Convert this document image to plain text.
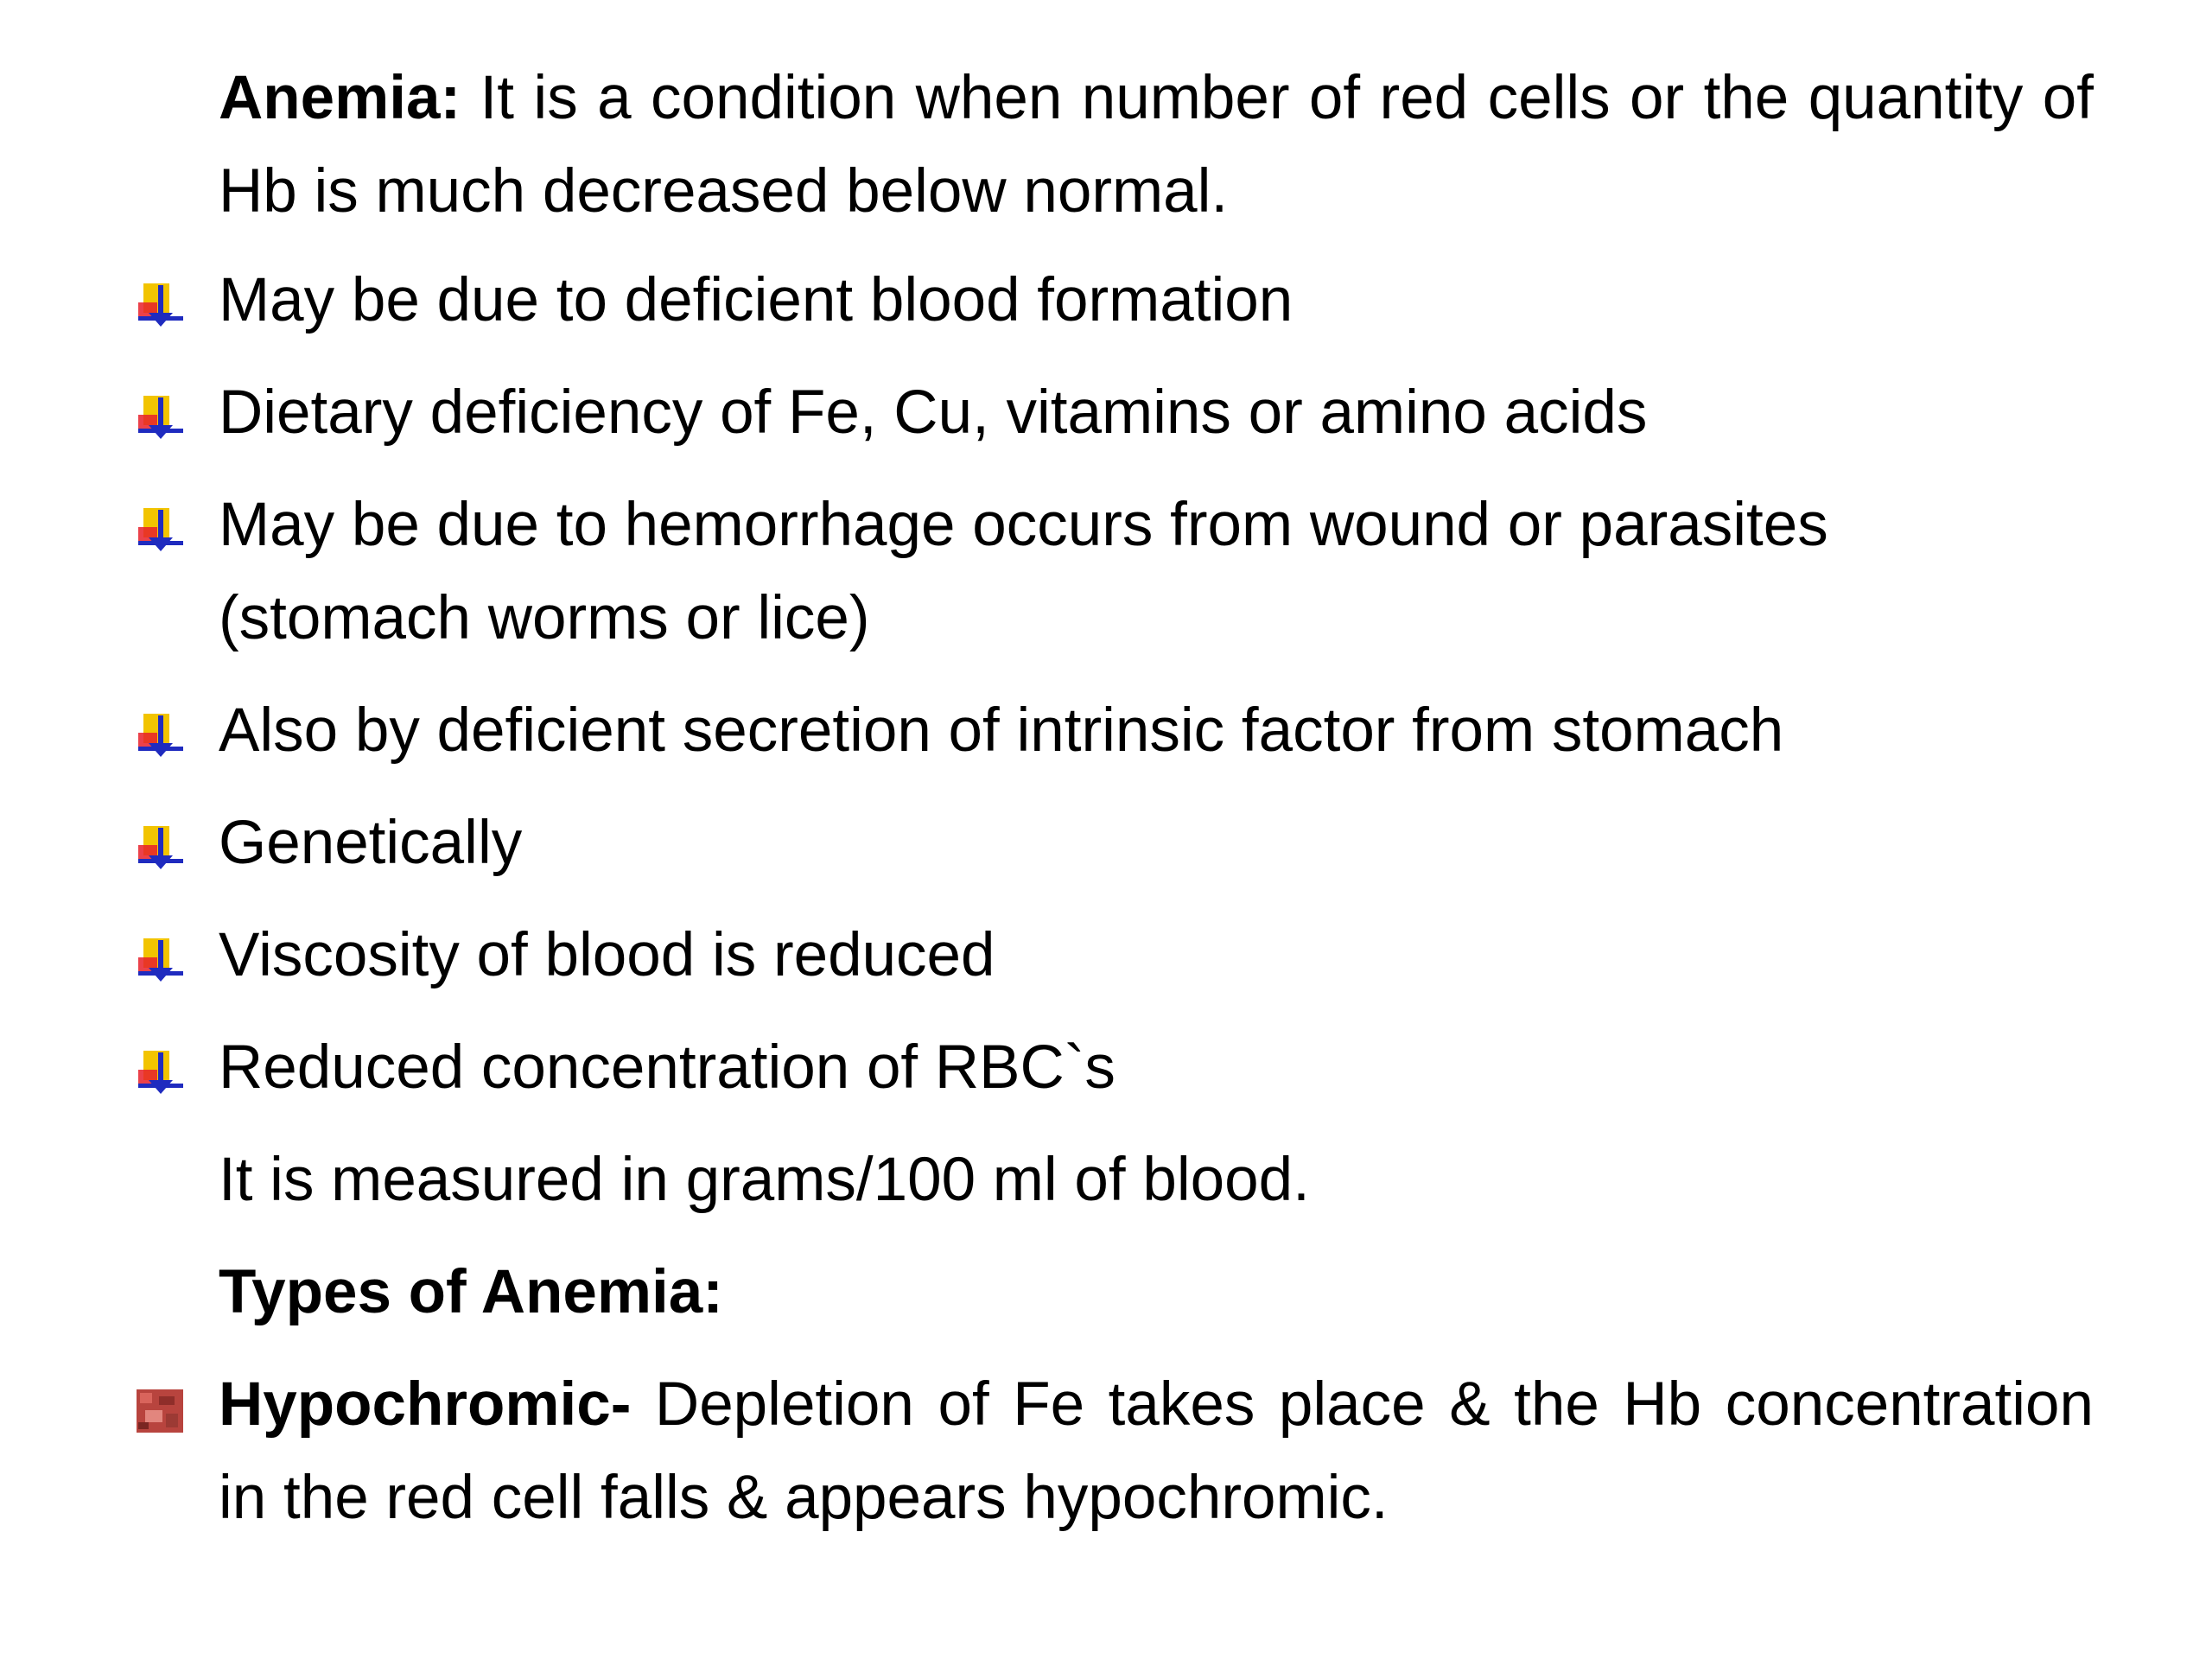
Anemia: It is a condition when number of red cells or the quantity of Hb is much decreased below normal.
May be due to deficient blood formation
Dietary deficiency of Fe, Cu, vitamins or amino acids
May be due to hemorrhage occurs from wound or parasites (stomach worms or lice)
Also by deficient secretion of intrinsic factor from stomach
Genetically
Viscosity of blood is reduced
Reduced concentration of RBC`s
It is measured in grams/100 ml of blood.
Types of Anemia:
Hypochromic- Depletion of Fe takes place & the Hb concentration in the red cell falls & appears hypochromic.
